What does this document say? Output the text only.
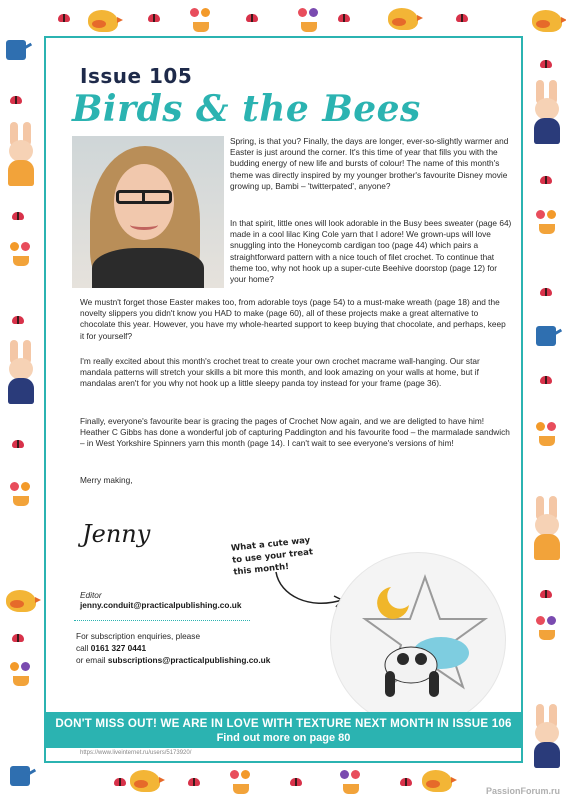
Issue 105
Birds & the Bees
Spring, is that you? Finally, the days are longer, ever-so-slightly warmer and Easter is just around the corner. It's this time of year that fills you with the budding energy of new life and bursts of colour! The name of this month's theme was directly inspired by my younger brother's favourite Disney movie growing up, Bambi – 'twitterpated', anyone?
In that spirit, little ones will look adorable in the Busy bees sweater (page 64) made in a cool lilac King Cole yarn that I adore! We grown-ups will love snuggling into the Honeycomb cardigan too (page 44) which pairs a straightforward pattern with a nice touch of filet crochet. To continue that theme too, why not hook up a super-cute Beehive doorstop (page 12) for your home?
We mustn't forget those Easter makes too, from adorable toys (page 54) to a must-make wreath (page 18) and the novelty slippers you didn't know you HAD to make (page 60), all of these projects make a great alternative to chocolate this year. However, you have my whole-hearted support to keep buying that chocolate, and perhaps, keep it for yourself?
I'm really excited about this month's crochet treat to create your own crochet macrame wall-hanging. Our star mandala patterns will stretch your skills a bit more this month, and look amazing on your walls at home, but if mandalas aren't for you why not hook up a little sleepy panda toy instead for your frame (page 36).
Finally, everyone's favourite bear is gracing the pages of Crochet Now again, and we are deligted to have him! Heather C Gibbs has done a wonderful job of capturing Paddington and his favourite food – the marmalade sandwich – in West Yorkshire Spinners yarn this month (page 14). I can't wait to see everyone's versions of him!
Merry making,
Jenny
Editor
jenny.conduit@practicalpublishing.co.uk
For subscription enquiries, please
call 0161 327 0441
or email subscriptions@practicalpublishing.co.uk
What a cute way to use your treat this month!
DON'T MISS OUT! WE ARE IN LOVE WITH TEXTURE NEXT MONTH IN ISSUE 106
Find out more on page 80
https://www.liveinternet.ru/users/5173920/
PassionForum.ru
